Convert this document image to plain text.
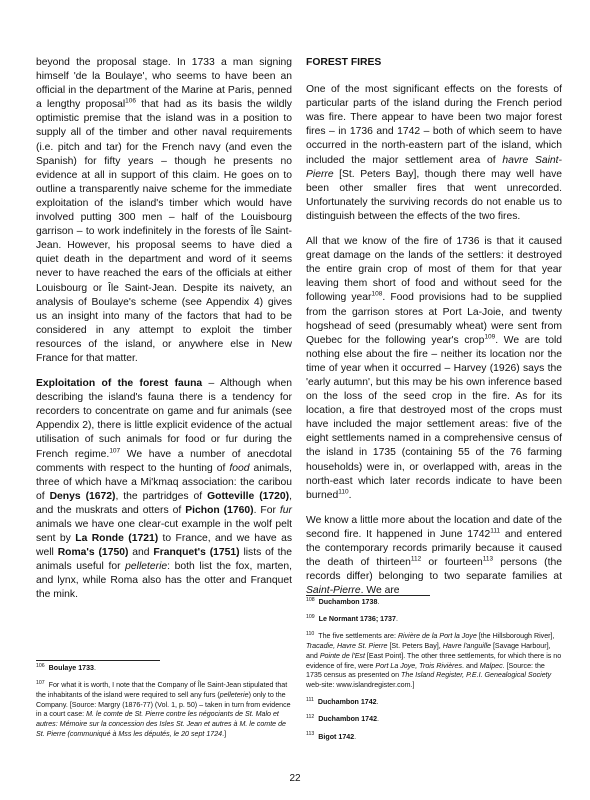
beyond the proposal stage. In 1733 a man signing himself 'de la Boulaye', who seems to have been an official in the department of the Marine at Paris, penned a lengthy proposal$^{106}$ that had as its basis the wildly optimistic premise that the island was in a position to supply all of the timber and other naval requirements (i.e. pitch and tar) for the French navy (and even the Spanish) for fifty years – though he presents no evidence at all in support of this claim. He goes on to outline a transparently naive scheme for the immediate exploitation of the island's timber which would have involved putting 300 men – half of the Louisbourg garrison – to work indefinitely in the forests of Île Saint-Jean. However, his proposal seems to have died a quiet death in the department and word of it seems never to have reached the ears of the officials at either Louisbourg or Île Saint-Jean. Despite its naivety, an analysis of Boulaye's scheme (see Appendix 4) gives us an insight into many of the factors that had to be considered in any attempt to exploit the timber resources of the island, or anywhere else in New France for that matter.

Exploitation of the forest fauna – Although when describing the island's fauna there is a tendency for recorders to concentrate on game and fur animals (see Appendix 2), there is little explicit evidence of the actual utilisation of such animals for food or fur during the French regime.$^{107}$ We have a number of anecdotal comments with respect to the hunting of food animals, three of which have a Mi'kmaq association: the caribou of Denys (1672), the partridges of Gotteville (1720), and the muskrats and otters of Pichon (1760). For fur animals we have one clear-cut example in the wolf pelt sent by La Ronde (1721) to France, and we have as well Roma's (1750) and Franquet's (1751) lists of the animals useful for pelleterie: both list the fox, marten, and lynx, while Roma also has the otter and Franquet the mink.

$^{106}$ Boulaye 1733.

$^{107}$ For what it is worth, I note that the Company of Île Saint-Jean stipulated that the inhabitants of the island were required to sell any furs (pelleterie) only to the Company. [Source: Margry (1876-77) (Vol. 1, p. 50) – taken in turn from evidence in a court case: M. le comte de St. Pierre contre les négociants de St. Malo et autres: Mémoire sur la concession des Isles St. Jean et autres à M. le comte de St. Pierre (communiqué à Mss les députés, le 20 sept 1724.]

FOREST FIRES

One of the most significant effects on the forests of particular parts of the island during the French period was fire. There appear to have been two major forest fires – in 1736 and 1742 – both of which seem to have occurred in the north-eastern part of the island, which included the major settlement area of havre Saint-Pierre [St. Peters Bay], though there may well have been other smaller fires that went unrecorded. Unfortunately the surviving records do not enable us to distinguish between the effects of the two fires.

All that we know of the fire of 1736 is that it caused great damage on the lands of the settlers: it destroyed the entire grain crop of most of them for that year leaving them short of food and without seed for the following year$^{108}$. Food provisions had to be supplied from the garrison stores at Port La-Joie, and twenty hogshead of seed (presumably wheat) were sent from Quebec for the following year's crop$^{109}$. We are told nothing else about the fire – neither its location nor the time of year when it occurred – Harvey (1926) says the 'early autumn', but this may be his own inference based on the loss of the seed crop in the fire. As for its location, a fire that destroyed most of the crops must have included the major settlement areas: five of the eight settlements named in a comprehensive census of the island in 1735 (containing 55 of the 76 farming households) were in, or overlapped with, areas in the north-east which later records indicate to have been burned$^{110}$.

We know a little more about the location and date of the second fire. It happened in June 1742$^{111}$ and entered the contemporary records primarily because it caused the death of thirteen$^{112}$ or fourteen$^{113}$ persons (the records differ) belonging to two separate families at Saint-Pierre. We are

$^{108}$ Duchambon 1738.

$^{109}$ Le Normant 1736; 1737.

$^{110}$ The five settlements are: Rivière de la Port la Joye [the Hillsborough River], Tracadie, Havre St. Pierre [St. Peters Bay], Havre l'anguille [Savage Harbour], and Pointe de l'Est [East Point]. The other three settlements, for which there is no evidence of fire, were Port La Joye, Trois Rivières. and Malpec. [Source: the 1735 census as presented on The Island Register, P.E.I. Genealogical Society web-site: www.islandregister.com.]

$^{111}$ Duchambon 1742.

$^{112}$ Duchambon 1742.

$^{113}$ Bigot 1742.

22
